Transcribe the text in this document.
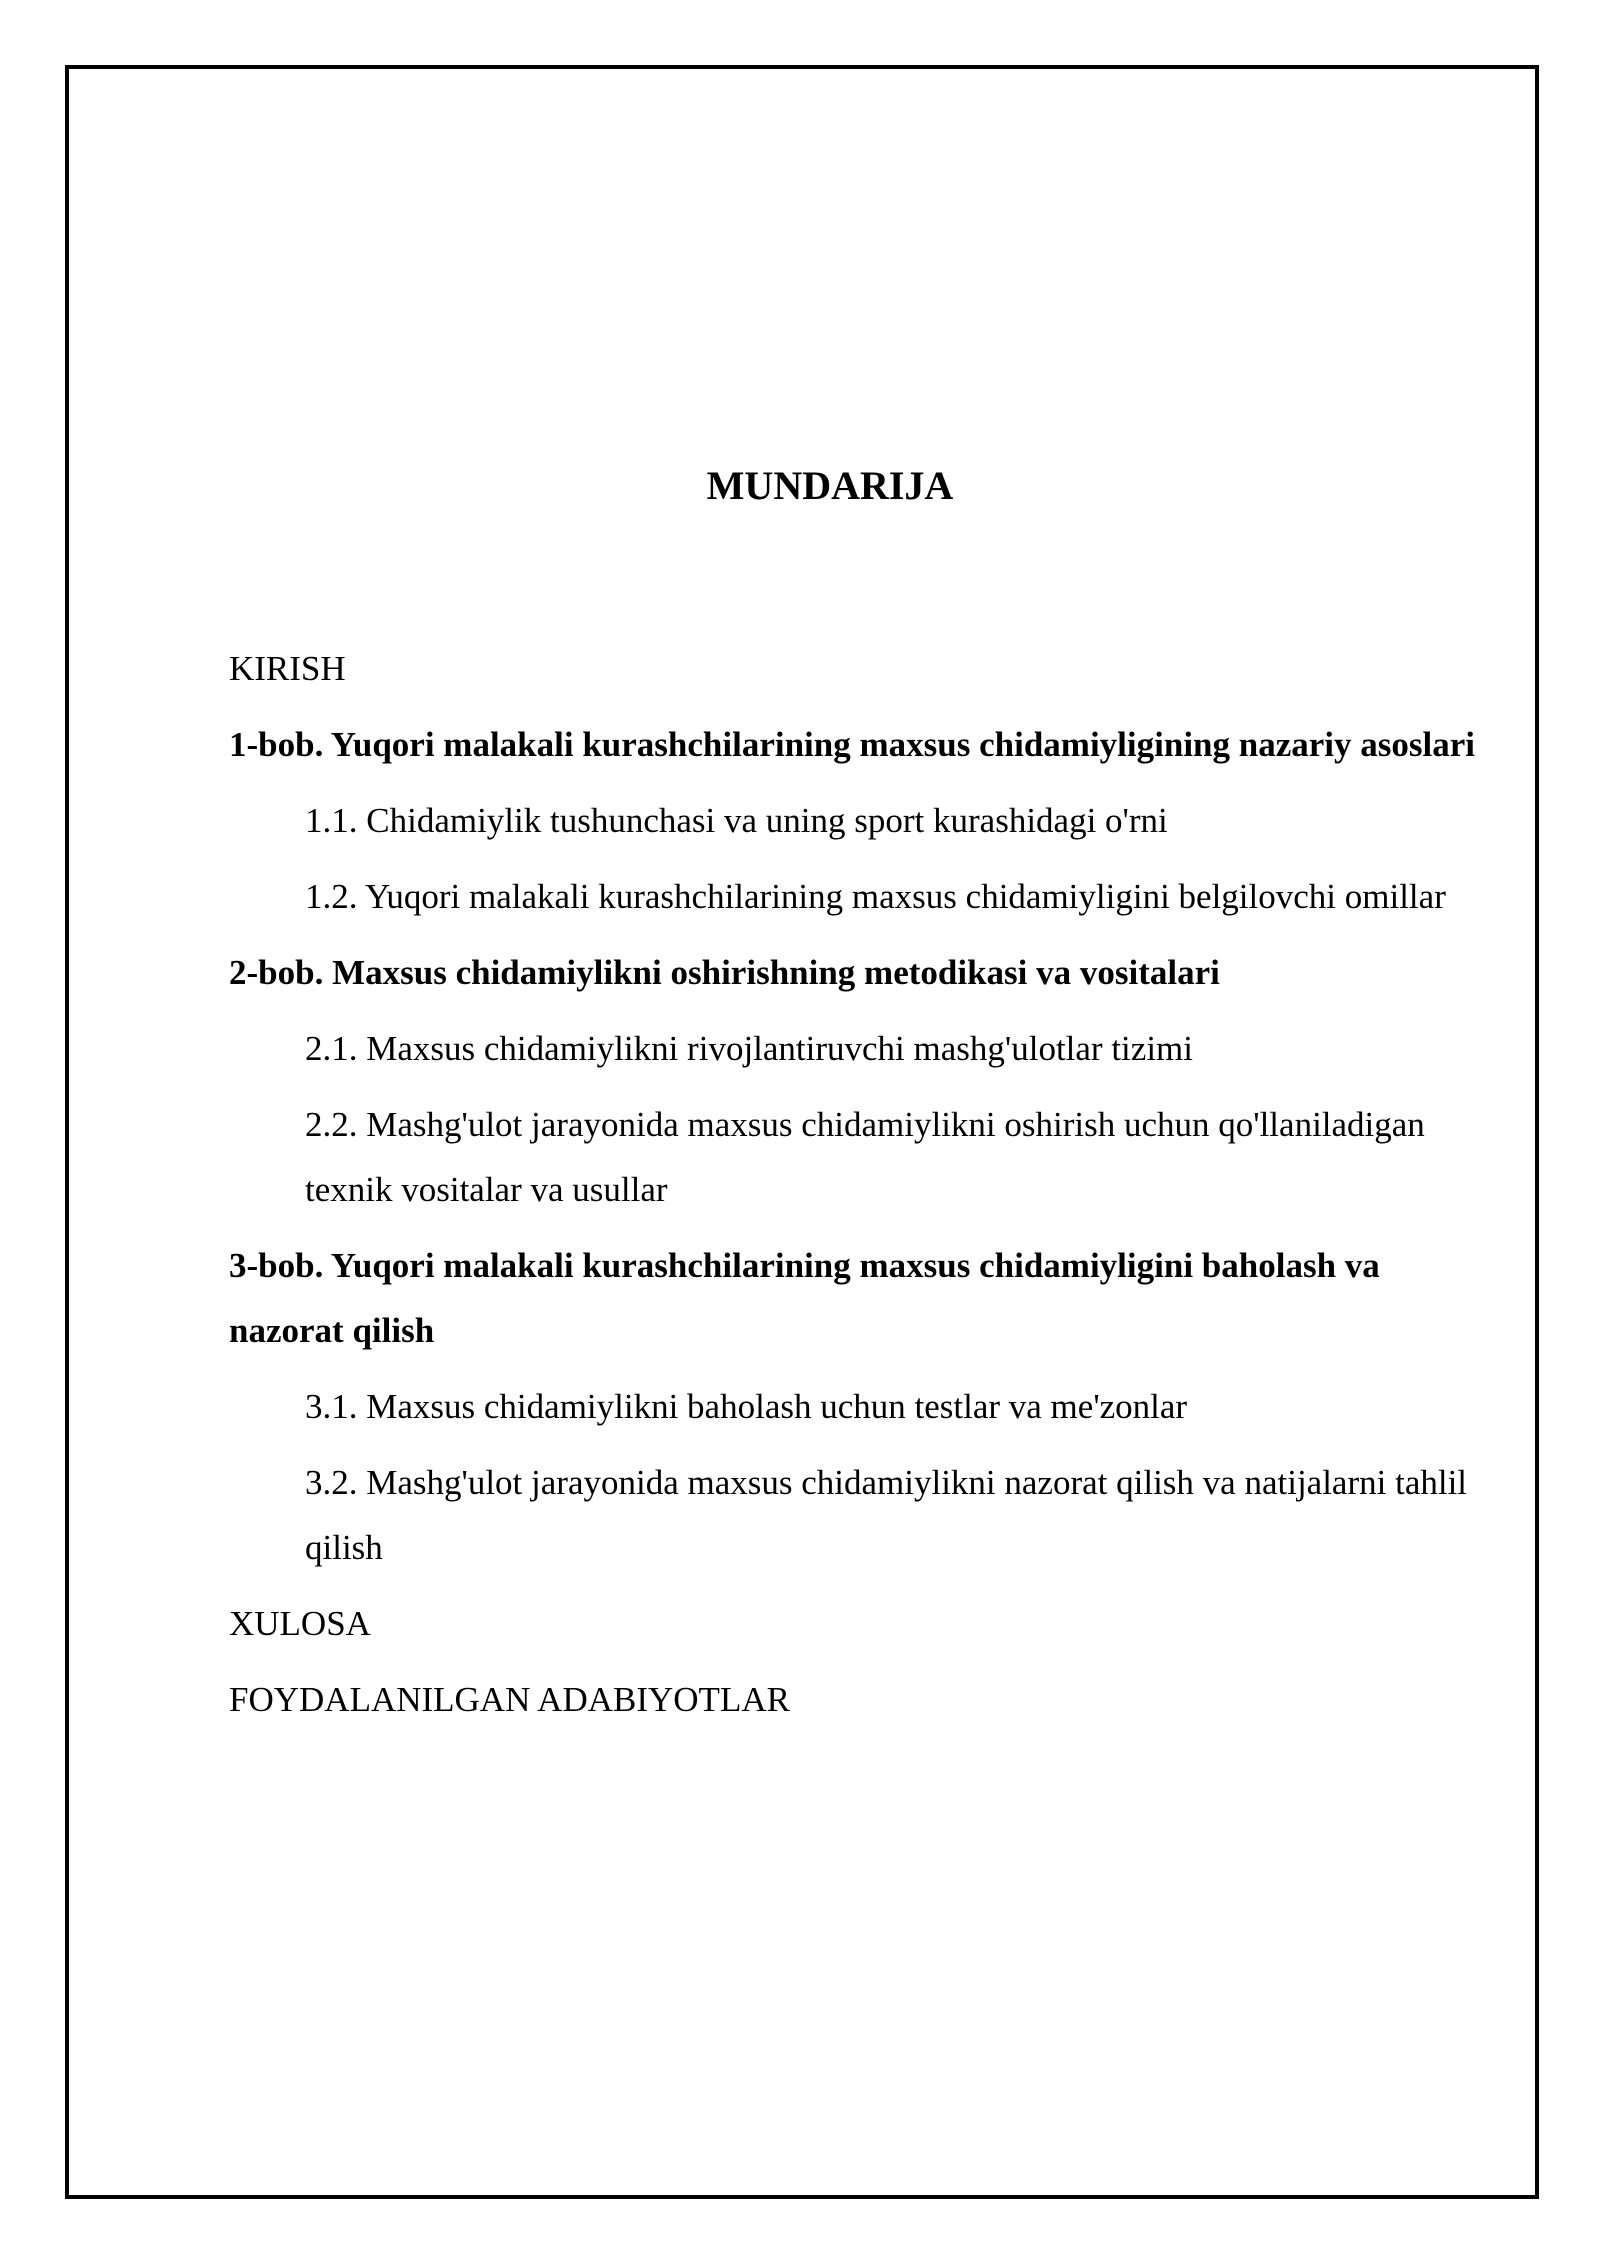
MUNDARIJA

KIRISH

1-bob. Yuqori malakali kurashchilarining maxsus chidamiyligining nazariy asoslari

1.1. Chidamiylik tushunchasi va uning sport kurashidagi o'rni

1.2. Yuqori malakali kurashchilarining maxsus chidamiyligini belgilovchi omillar

2-bob. Maxsus chidamiylikni oshirishning metodikasi va vositalari

2.1. Maxsus chidamiylikni rivojlantiruvchi mashg'ulotlar tizimi

2.2. Mashg'ulot jarayonida maxsus chidamiylikni oshirish uchun qo'llaniladigan texnik vositalar va usullar

3-bob. Yuqori malakali kurashchilarining maxsus chidamiyligini baholash va nazorat qilish

3.1. Maxsus chidamiylikni baholash uchun testlar va me'zonlar

3.2. Mashg'ulot jarayonida maxsus chidamiylikni nazorat qilish va natijalarni tahlil qilish

XULOSA

FOYDALANILGAN ADABIYOTLAR
